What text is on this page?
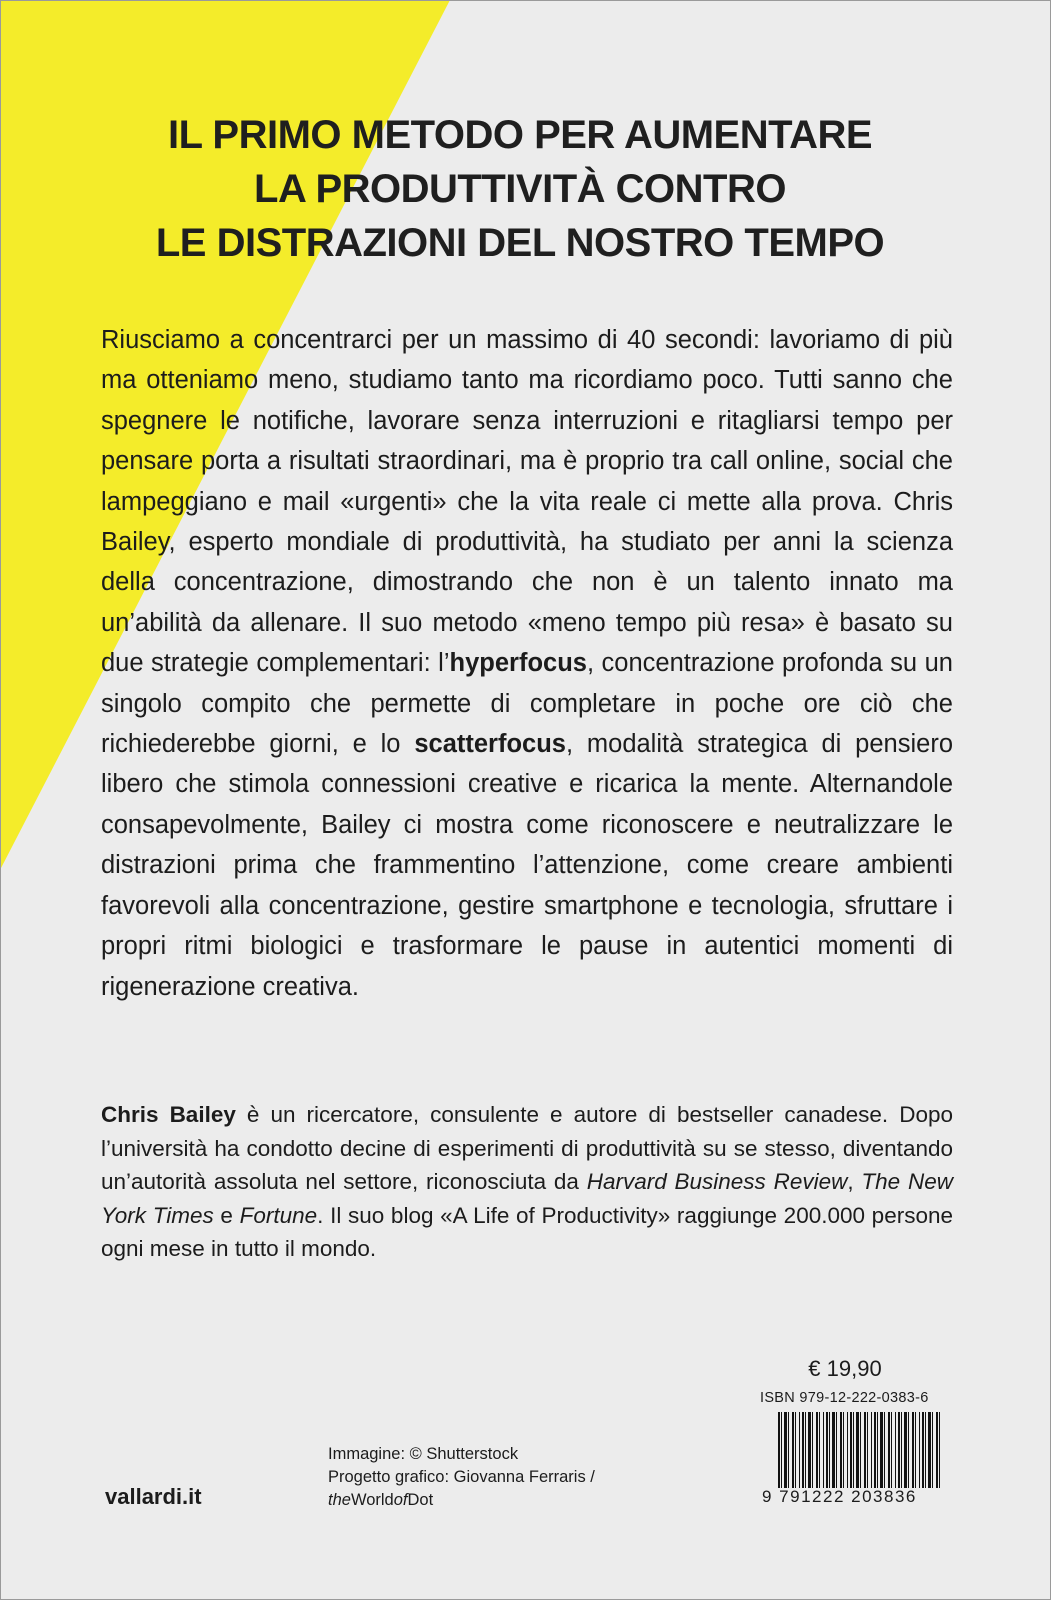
IL PRIMO METODO PER AUMENTARE
LA PRODUTTIVITÀ CONTRO
LE DISTRAZIONI DEL NOSTRO TEMPO

Riusciamo a concentrarci per un massimo di 40 secondi: lavoriamo di più ma otteniamo meno, studiamo tanto ma ricordiamo poco. Tutti sanno che spegnere le notifiche, lavorare senza interruzioni e ritagliarsi tempo per pensare porta a risultati straordinari, ma è proprio tra call online, social che lampeggiano e mail «urgenti» che la vita reale ci mette alla prova. Chris Bailey, esperto mondiale di produttività, ha studiato per anni la scienza della concentrazione, dimostrando che non è un talento innato ma un’abilità da allenare. Il suo metodo «meno tempo più resa» è basato su due strategie complementari: l’hyperfocus, concentrazione profonda su un singolo compito che permette di completare in poche ore ciò che richiederebbe giorni, e lo scatterfocus, modalità strategica di pensiero libero che stimola connessioni creative e ricarica la mente. Alternandole consapevolmente, Bailey ci mostra come riconoscere e neutralizzare le distrazioni prima che frammentino l’attenzione, come creare ambienti favorevoli alla concentrazione, gestire smartphone e tecnologia, sfruttare i propri ritmi biologici e trasformare le pause in autentici momenti di rigenerazione creativa.

Chris Bailey è un ricercatore, consulente e autore di bestseller canadese. Dopo l’università ha condotto decine di esperimenti di produttività su se stesso, diventando un’autorità assoluta nel settore, riconosciuta da Harvard Business Review, The New York Times e Fortune. Il suo blog «A Life of Productivity» raggiunge 200.000 persone ogni mese in tutto il mondo.

€ 19,90
ISBN 979-12-222-0383-6
9 791222 203836
Immagine: © Shutterstock
Progetto grafico: Giovanna Ferraris /
theWorldofDot
vallardi.it
